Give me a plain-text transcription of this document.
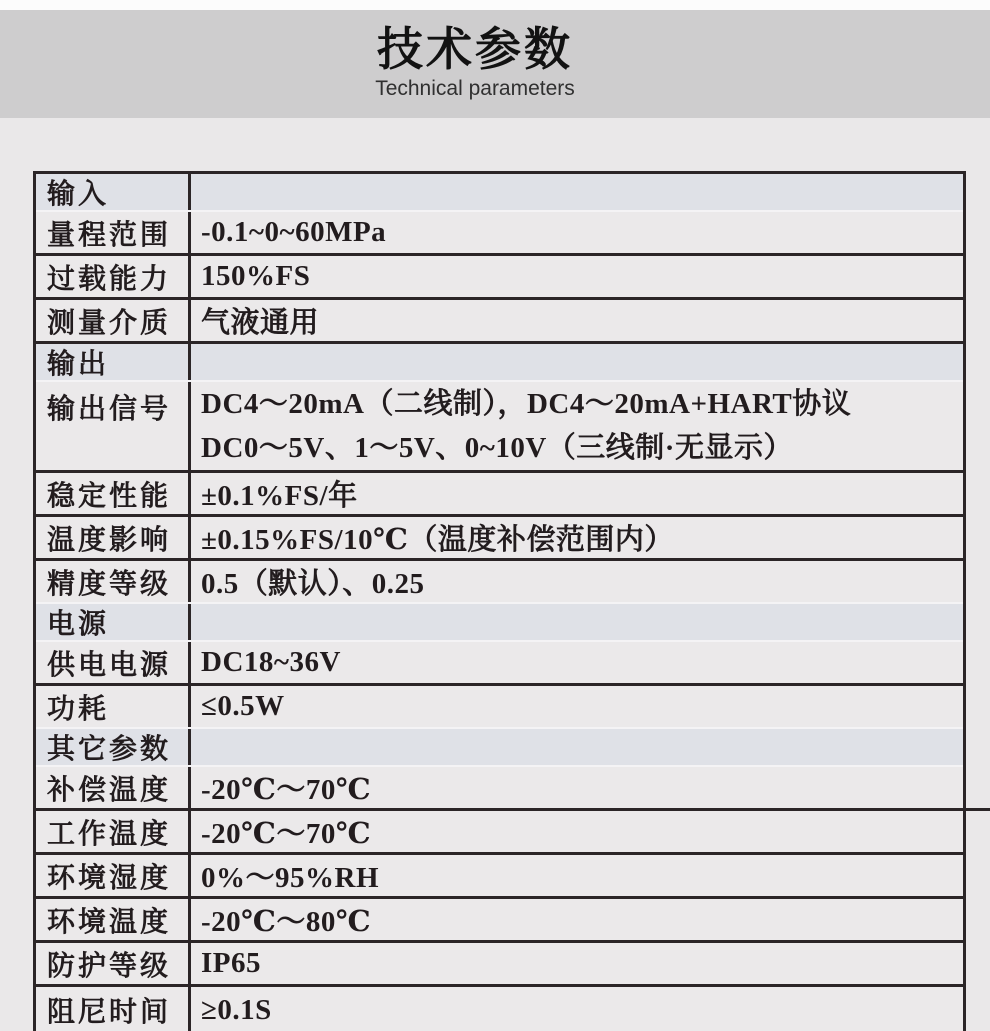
技术参数
Technical parameters
输入
量程范围	-0.1~0~60MPa
过载能力	150%FS
测量介质	气液通用
输出
输出信号	DC4～20mA（二线制），DC4～20mA+HART协议
DC0～5V、1～5V、0~10V（三线制·无显示）
稳定性能	±0.1%FS/年
温度影响	±0.15%FS/10℃（温度补偿范围内）
精度等级	0.5（默认）、0.25
电源
供电电源	DC18~36V
功耗	≤0.5W
其它参数
补偿温度	-20℃～70℃
工作温度	-20℃～70℃
环境湿度	0%～95%RH
环境温度	-20℃～80℃
防护等级	IP65
阻尼时间	≥0.1S
